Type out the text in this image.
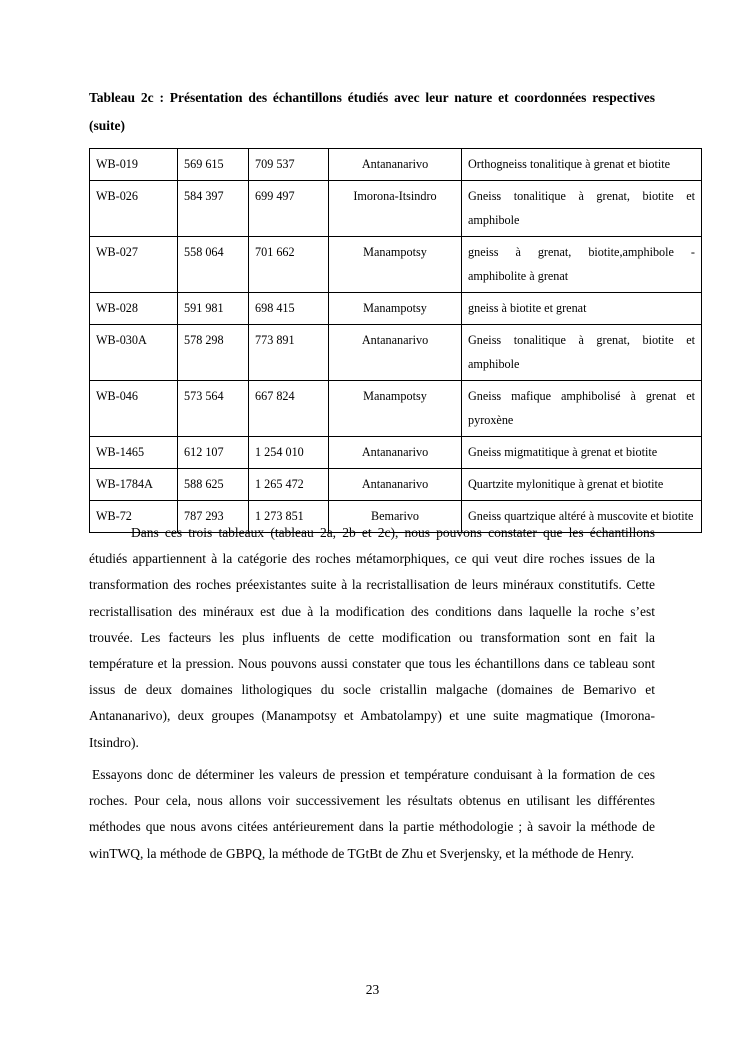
Tableau 2c : Présentation des échantillons étudiés avec leur nature et coordonnées respectives (suite)
WB-019	569 615	709 537	Antananarivo	Orthogneiss tonalitique à grenat et biotite
WB-026	584 397	699 497	Imorona-Itsindro	Gneiss tonalitique à grenat, biotite et amphibole
WB-027	558 064	701 662	Manampotsy	gneiss à grenat, biotite,amphibole - amphibolite à grenat
WB-028	591 981	698 415	Manampotsy	gneiss à biotite et grenat
WB-030A	578 298	773 891	Antananarivo	Gneiss tonalitique à grenat, biotite et amphibole
WB-046	573 564	667 824	Manampotsy	Gneiss mafique amphibolisé à grenat et pyroxène
WB-1465	612 107	1 254 010	Antananarivo	Gneiss migmatitique à grenat et biotite
WB-1784A	588 625	1 265 472	Antananarivo	Quartzite mylonitique à grenat et biotite
WB-72	787 293	1 273 851	Bemarivo	Gneiss quartzique altéré à muscovite et biotite

Dans ces trois tableaux (tableau 2a, 2b et 2c), nous pouvons constater que les échantillons étudiés appartiennent à la catégorie des roches métamorphiques, ce qui veut dire roches issues de la transformation des roches préexistantes suite à la recristallisation de leurs minéraux constitutifs. Cette recristallisation des minéraux est due à la modification des conditions dans laquelle la roche s’est trouvée. Les facteurs les plus influents de cette modification ou transformation sont en fait la température et la pression. Nous pouvons aussi constater que tous les échantillons dans ce tableau sont issus de deux domaines lithologiques du socle cristallin malgache (domaines de Bemarivo et Antananarivo), deux groupes (Manampotsy et Ambatolampy) et une suite magmatique (Imorona-Itsindro).

Essayons donc de déterminer les valeurs de pression et température conduisant à la formation de ces roches. Pour cela, nous allons voir successivement les résultats obtenus en utilisant les différentes méthodes que nous avons citées antérieurement dans la partie méthodologie ; à savoir la méthode de winTWQ, la méthode de GBPQ, la méthode de TGtBt de Zhu et Sverjensky, et la méthode de Henry.

23
